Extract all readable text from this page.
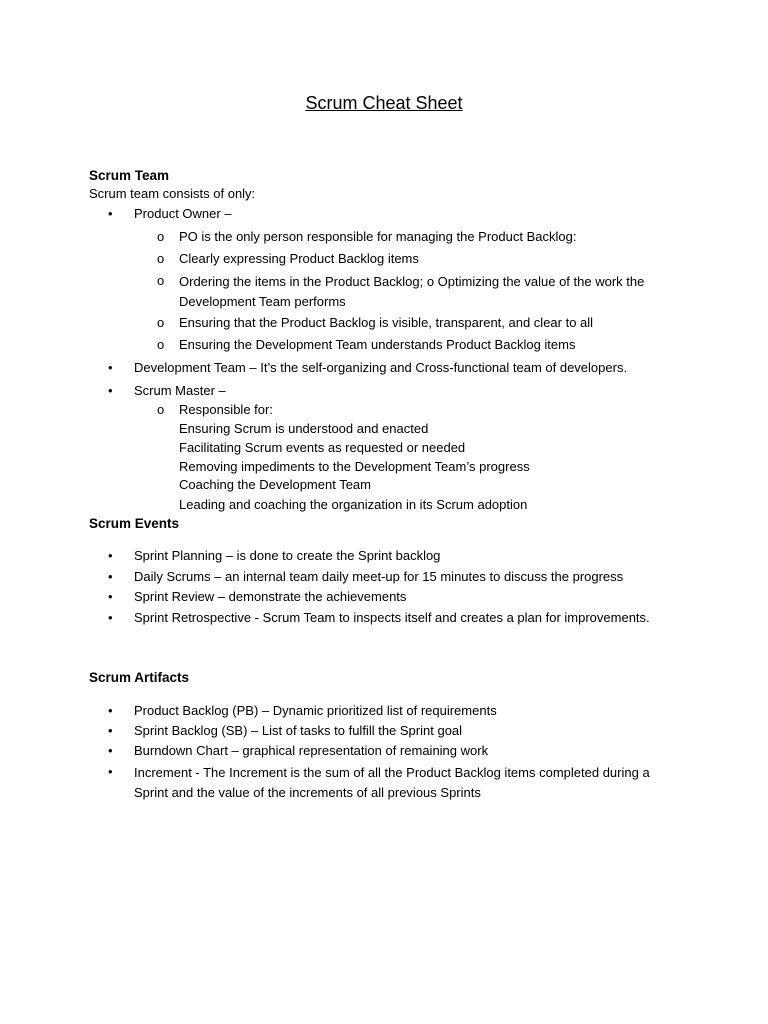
Scrum Cheat Sheet
Scrum Team
Scrum team consists of only:
• Product Owner –
o PO is the only person responsible for managing the Product Backlog:
o Clearly expressing Product Backlog items
o Ordering the items in the Product Backlog; o Optimizing the value of the work the Development Team performs
o Ensuring that the Product Backlog is visible, transparent, and clear to all
o Ensuring the Development Team understands Product Backlog items
• Development Team – It’s the self-organizing and Cross-functional team of developers.
• Scrum Master –
o Responsible for:
Ensuring Scrum is understood and enacted
Facilitating Scrum events as requested or needed
Removing impediments to the Development Team’s progress
Coaching the Development Team
Leading and coaching the organization in its Scrum adoption
Scrum Events
• Sprint Planning – is done to create the Sprint backlog
• Daily Scrums – an internal team daily meet-up for 15 minutes to discuss the progress
• Sprint Review – demonstrate the achievements
• Sprint Retrospective - Scrum Team to inspects itself and creates a plan for improvements.
Scrum Artifacts
• Product Backlog (PB) – Dynamic prioritized list of requirements
• Sprint Backlog (SB) – List of tasks to fulfill the Sprint goal
• Burndown Chart – graphical representation of remaining work
• Increment - The Increment is the sum of all the Product Backlog items completed during a Sprint and the value of the increments of all previous Sprints
